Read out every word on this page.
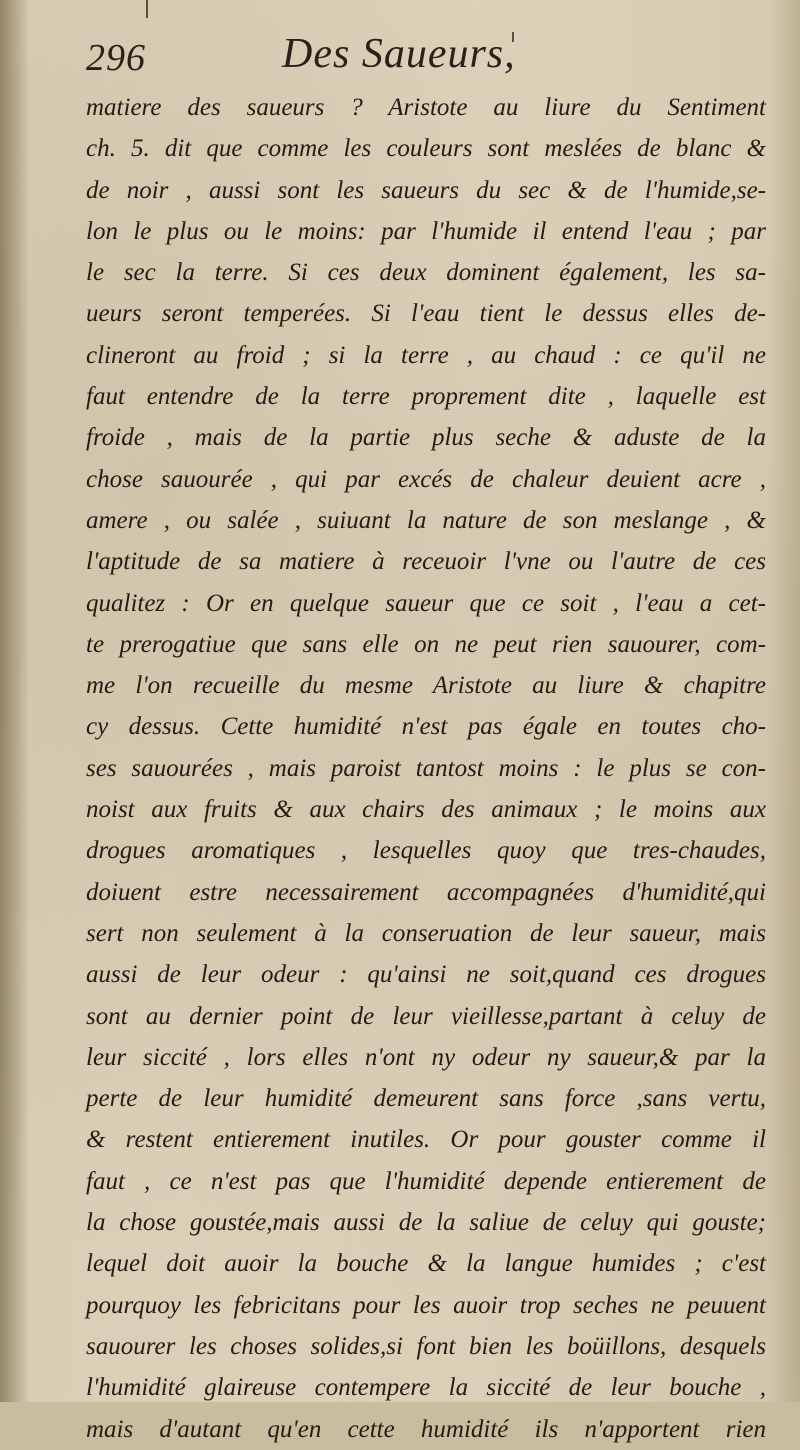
296	Des Saueurs,
matiere des saueurs ? Aristote au liure du Sentiment
ch. 5. dit que comme les couleurs sont meslées de blanc &
de noir , aussi sont les saueurs du sec & de l'humide,se-
lon le plus ou le moins: par l'humide il entend l'eau ; par
le sec la terre. Si ces deux dominent également, les sa-
ueurs seront temperées. Si l'eau tient le dessus elles de-
clineront au froid ; si la terre , au chaud : ce qu'il ne
faut entendre de la terre proprement dite , laquelle est
froide , mais de la partie plus seche & aduste de la
chose sauourée , qui par excés de chaleur deuient acre ,
amere , ou salée , suiuant la nature de son meslange , &
l'aptitude de sa matiere à receuoir l'vne ou l'autre de ces
qualitez : Or en quelque saueur que ce soit , l'eau a cet-
te prerogatiue que sans elle on ne peut rien sauourer, com-
me l'on recueille du mesme Aristote au liure & chapitre
cy dessus. Cette humidité n'est pas égale en toutes cho-
ses sauourées , mais paroist tantost moins : le plus se con-
noist aux fruits & aux chairs des animaux ; le moins aux
drogues aromatiques , lesquelles quoy que tres-chaudes,
doiuent estre necessairement accompagnées d'humidité,qui
sert non seulement à la conseruation de leur saueur, mais
aussi de leur odeur : qu'ainsi ne soit,quand ces drogues
sont au dernier point de leur vieillesse,partant à celuy de
leur siccité , lors elles n'ont ny odeur ny saueur,& par la
perte de leur humidité demeurent sans force ,sans vertu,
& restent entierement inutiles. Or pour gouster comme il
faut , ce n'est pas que l'humidité depende entierement de
la chose goustée,mais aussi de la saliue de celuy qui gouste;
lequel doit auoir la bouche & la langue humides ; c'est
pourquoy les febricitans pour les auoir trop seches ne peuuent
sauourer les choses solides,si font bien les boüillons, desquels
l'humidité glaireuse contempere la siccité de leur bouche ,
mais d'autant qu'en cette humidité ils n'apportent rien
